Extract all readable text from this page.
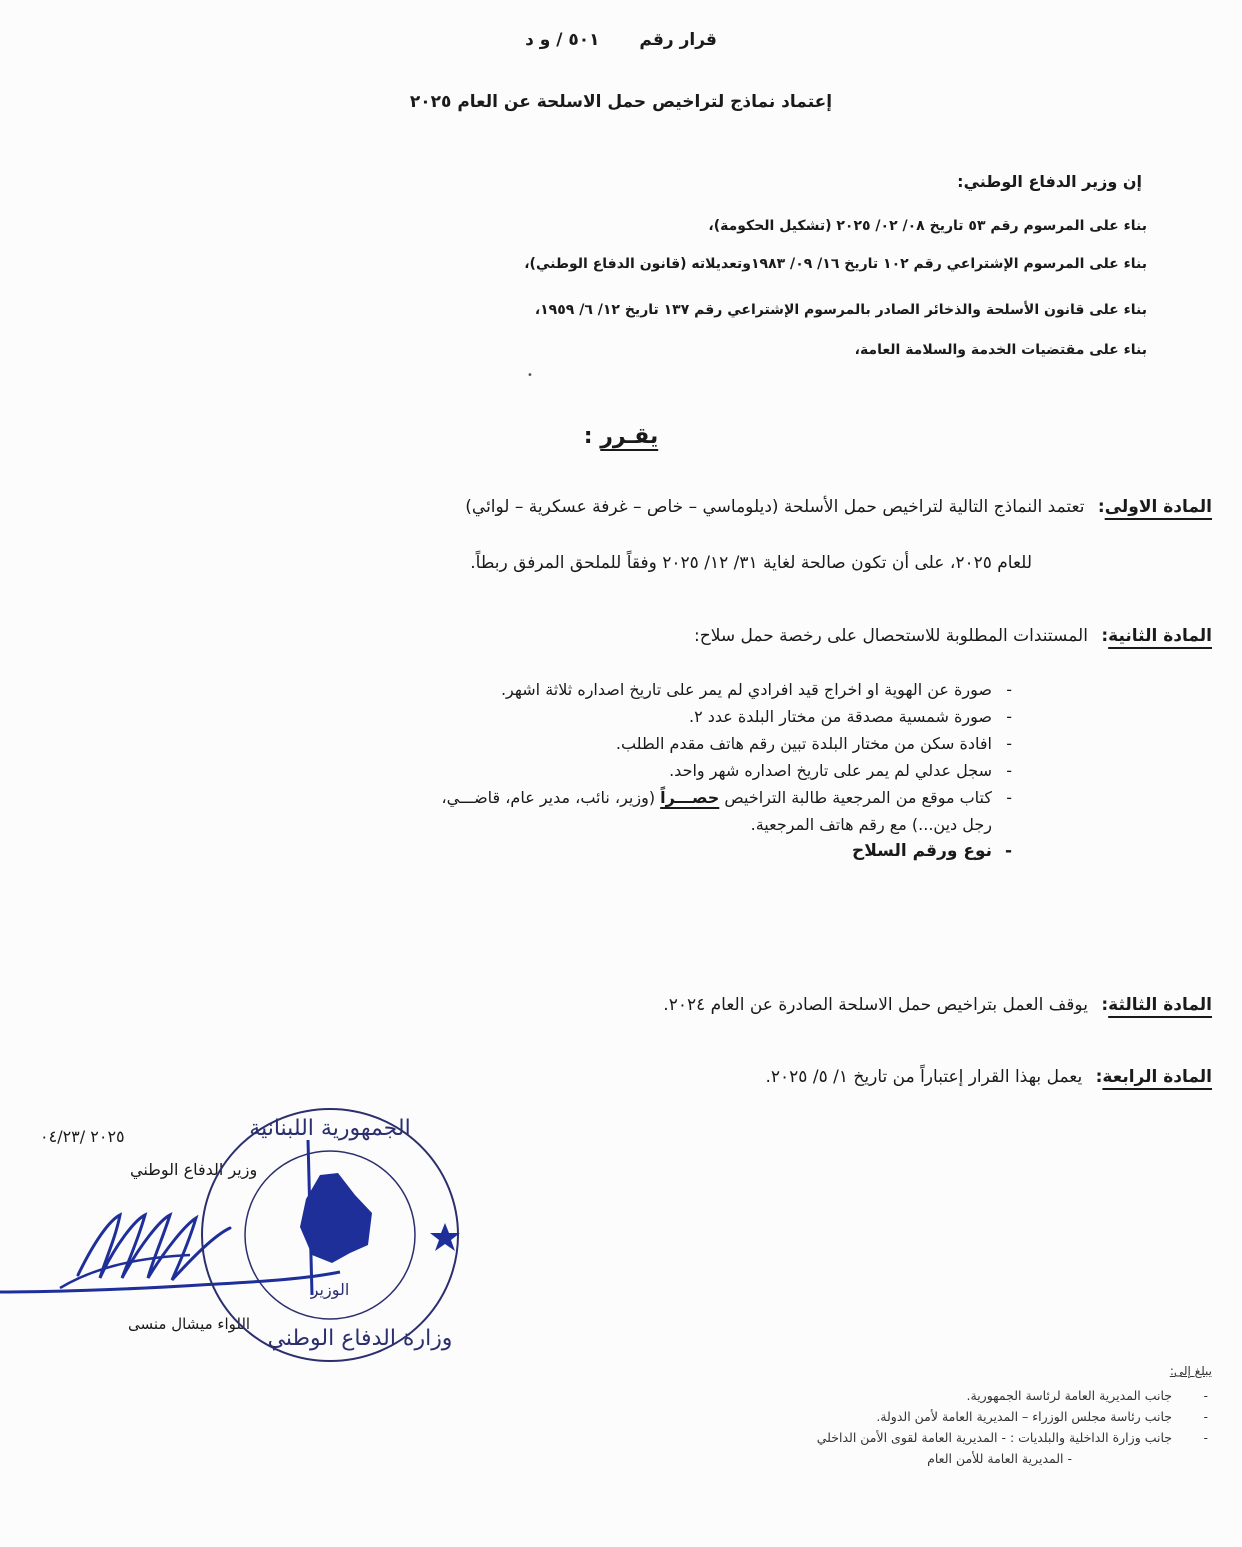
قرار رقم ٥٠١ / و د
إعتماد نماذج لتراخيص حمل الاسلحة عن العام ٢٠٢٥
إن وزير الدفاع الوطني:
بناء على المرسوم رقم ٥٣ تاريخ ٠٨/ ٠٢/ ٢٠٢٥ (تشكيل الحكومة)،
بناء على المرسوم الإشتراعي رقم ١٠٢ تاريخ ١٦/ ٠٩/ ١٩٨٣وتعديلاته (قانون الدفاع الوطني)،
بناء على قانون الأسلحة والذخائر الصادر بالمرسوم الإشتراعي رقم ١٣٧ تاريخ ١٢/ ٦/ ١٩٥٩،
بناء على مقتضيات الخدمة والسلامة العامة،
•
يقـرر :
المادة الاولى: تعتمد النماذج التالية لتراخيص حمل الأسلحة (ديلوماسي – خاص – غرفة عسكرية – لوائي)
للعام ٢٠٢٥، على أن تكون صالحة لغاية ٣١/ ١٢/ ٢٠٢٥ وفقاً للملحق المرفق ربطاً.
المادة الثانية: المستندات المطلوبة للاستحصال على رخصة حمل سلاح:
- صورة عن الهوية او اخراج قيد افرادي لم يمر على تاريخ اصداره ثلاثة اشهر.
- صورة شمسية مصدقة من مختار البلدة عدد ٢.
- افادة سكن من مختار البلدة تبين رقم هاتف مقدم الطلب.
- سجل عدلي لم يمر على تاريخ اصداره شهر واحد.
- كتاب موقع من المرجعية طالبة التراخيص حصـــراً (وزير، نائب، مدير عام، قاضـــي،
رجل دين...) مع رقم هاتف المرجعية.
- نوع ورقم السلاح
المادة الثالثة: يوقف العمل بتراخيص حمل الاسلحة الصادرة عن العام ٢٠٢٤.
المادة الرابعة: يعمل بهذا القرار إعتباراً من تاريخ ١/ ٥/ ٢٠٢٥.
٢٠٢٥ /٠٤/٢٣
وزير الدفاع الوطني
اللواء ميشال منسى
الجمهورية اللبنانية
وزارة الدفاع الوطني
الوزير
يبلغ إلى:
- جانب المديرية العامة لرئاسة الجمهورية.
- جانب رئاسة مجلس الوزراء – المديرية العامة لأمن الدولة.
- جانب وزارة الداخلية والبلديات : - المديرية العامة لقوى الأمن الداخلي
- المديرية العامة للأمن العام
